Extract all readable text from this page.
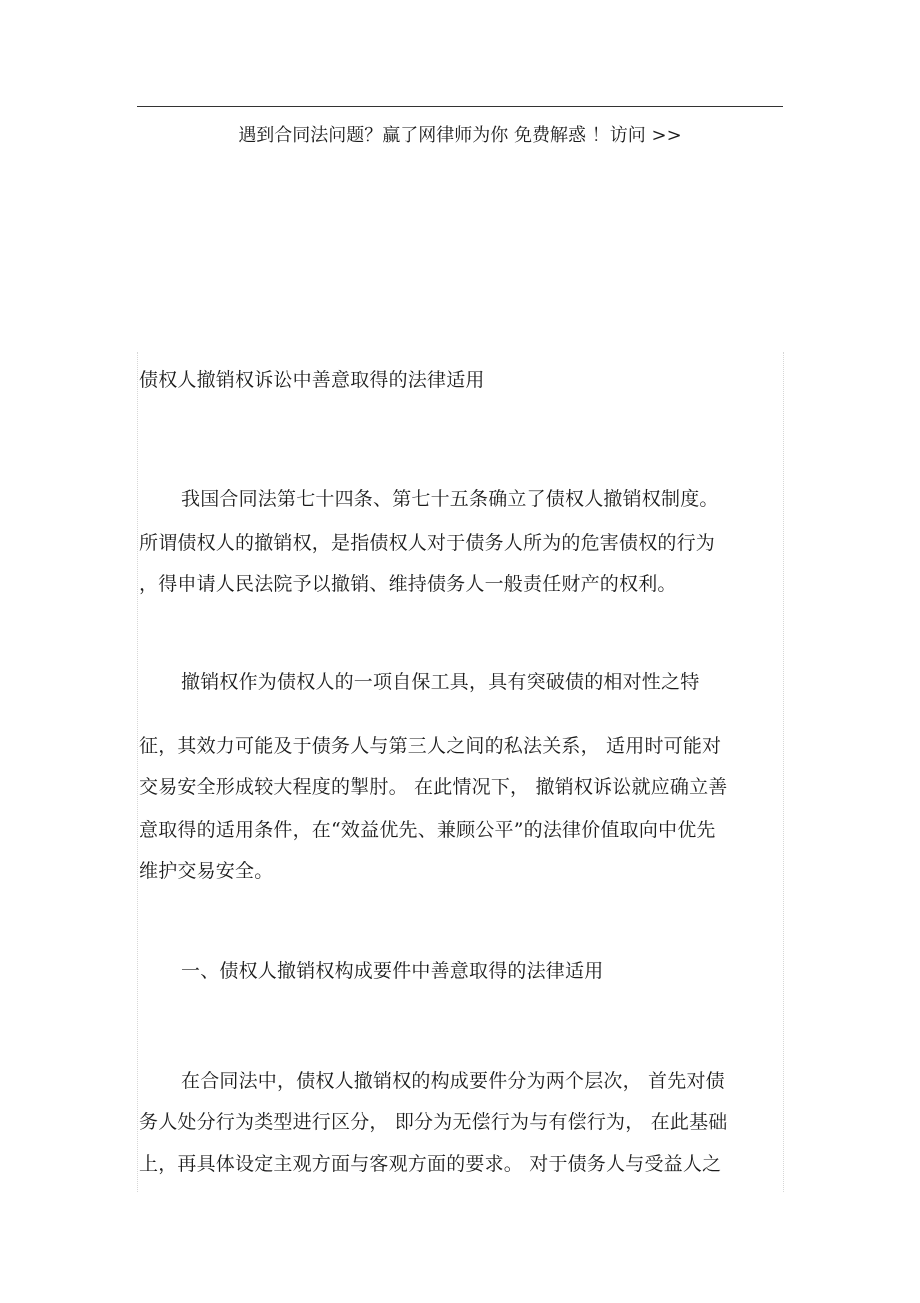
遇到合同法问题？赢了网律师为你 免费解惑 ！访问 >>
债权人撤销权诉讼中善意取得的法律适用
我国合同法第七十四条、第七十五条确立了债权人撤销权制度。
所谓债权人的撤销权，是指债权人对于债务人所为的危害债权的行为
，得申请人民法院予以撤销、维持债务人一般责任财产的权利。
撤销权作为债权人的一项自保工具，具有突破债的相对性之特
征，其效力可能及于债务人与第三人之间的私法关系， 适用时可能对
交易安全形成较大程度的掣肘。 在此情况下， 撤销权诉讼就应确立善
意取得的适用条件，在“效益优先、兼顾公平”的法律价值取向中优先
维护交易安全。
一、债权人撤销权构成要件中善意取得的法律适用
在合同法中，债权人撤销权的构成要件分为两个层次， 首先对债
务人处分行为类型进行区分， 即分为无偿行为与有偿行为， 在此基础
上，再具体设定主观方面与客观方面的要求。 对于债务人与受益人之
